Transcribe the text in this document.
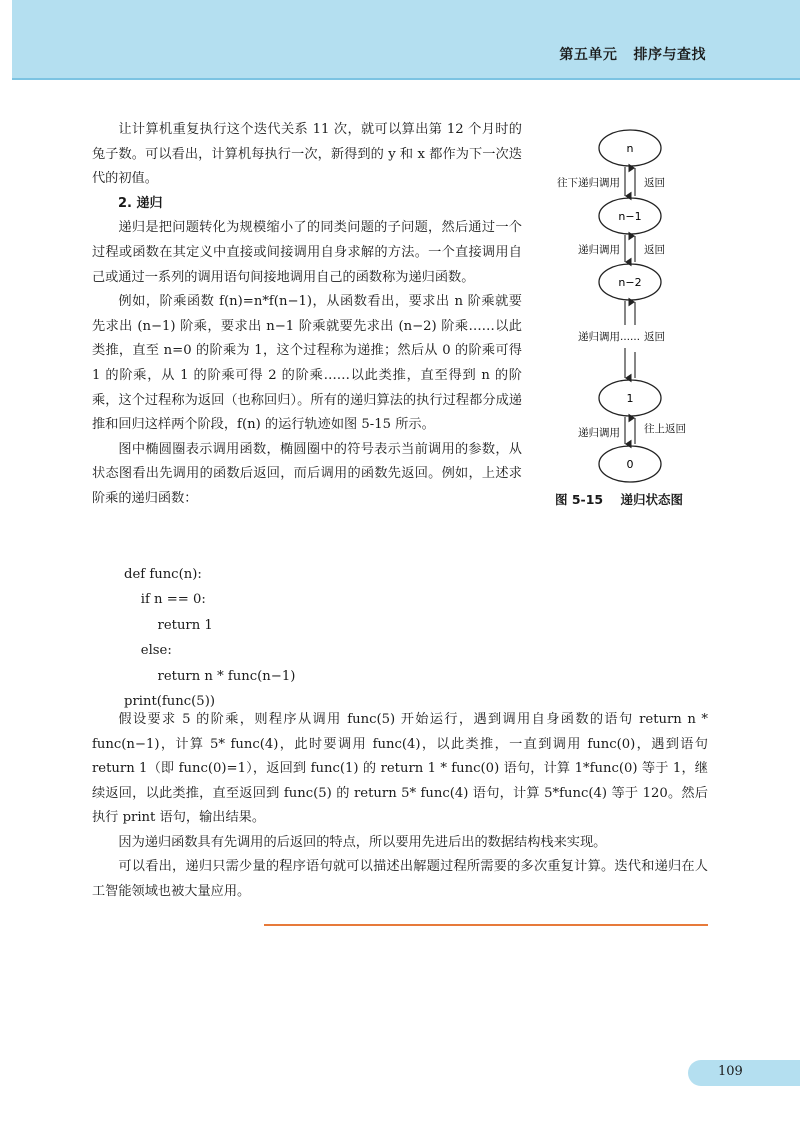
第五单元   排序与查找

让计算机重复执行这个迭代关系 11 次，就可以算出第 12 个月时的兔子数。可以看出，计算机每执行一次，新得到的 y 和 x 都作为下一次迭代的初值。

2. 递归

递归是把问题转化为规模缩小了的同类问题的子问题，然后通过一个过程或函数在其定义中直接或间接调用自身求解的方法。一个直接调用自己或通过一系列的调用语句间接地调用自己的函数称为递归函数。

例如，阶乘函数 f(n)=n*f(n−1)，从函数看出，要求出 n 阶乘就要先求出 (n−1) 阶乘，要求出 n−1 阶乘就要先求出 (n−2) 阶乘……以此类推，直至 n=0 的阶乘为 1，这个过程称为递推；然后从 0 的阶乘可得 1 的阶乘，从 1 的阶乘可得 2 的阶乘……以此类推，直至得到 n 的阶乘，这个过程称为返回（也称回归）。所有的递归算法的执行过程都分成递推和回归这样两个阶段，f(n) 的运行轨迹如图 5-15 所示。

图中椭圆圈表示调用函数，椭圆圈中的符号表示当前调用的参数，从状态图看出先调用的函数后返回，而后调用的函数先返回。例如，上述求阶乘的递归函数：

def func(n):
if n == 0:
return 1
else:
return n * func(n−1)
print(func(5))

假设要求 5 的阶乘，则程序从调用 func(5) 开始运行，遇到调用自身函数的语句 return n * func(n−1)，计算 5* func(4)，此时要调用 func(4)，以此类推，一直到调用 func(0)，遇到语句 return 1（即 func(0)=1），返回到 func(1) 的 return 1 * func(0) 语句，计算 1*func(0) 等于 1，继续返回，以此类推，直至返回到 func(5) 的 return 5* func(4) 语句，计算 5*func(4) 等于 120。然后执行 print 语句，输出结果。

因为递归函数具有先调用的后返回的特点，所以要用先进后出的数据结构栈来实现。

可以看出，递归只需少量的程序语句就可以描述出解题过程所需要的多次重复计算。迭代和递归在人工智能领域也被大量应用。

n
n−1
n−2
1
0
……
往下递归调用 返回
递归调用 返回
递归调用 返回
递归调用 往上返回
图 5-15    递归状态图
109
